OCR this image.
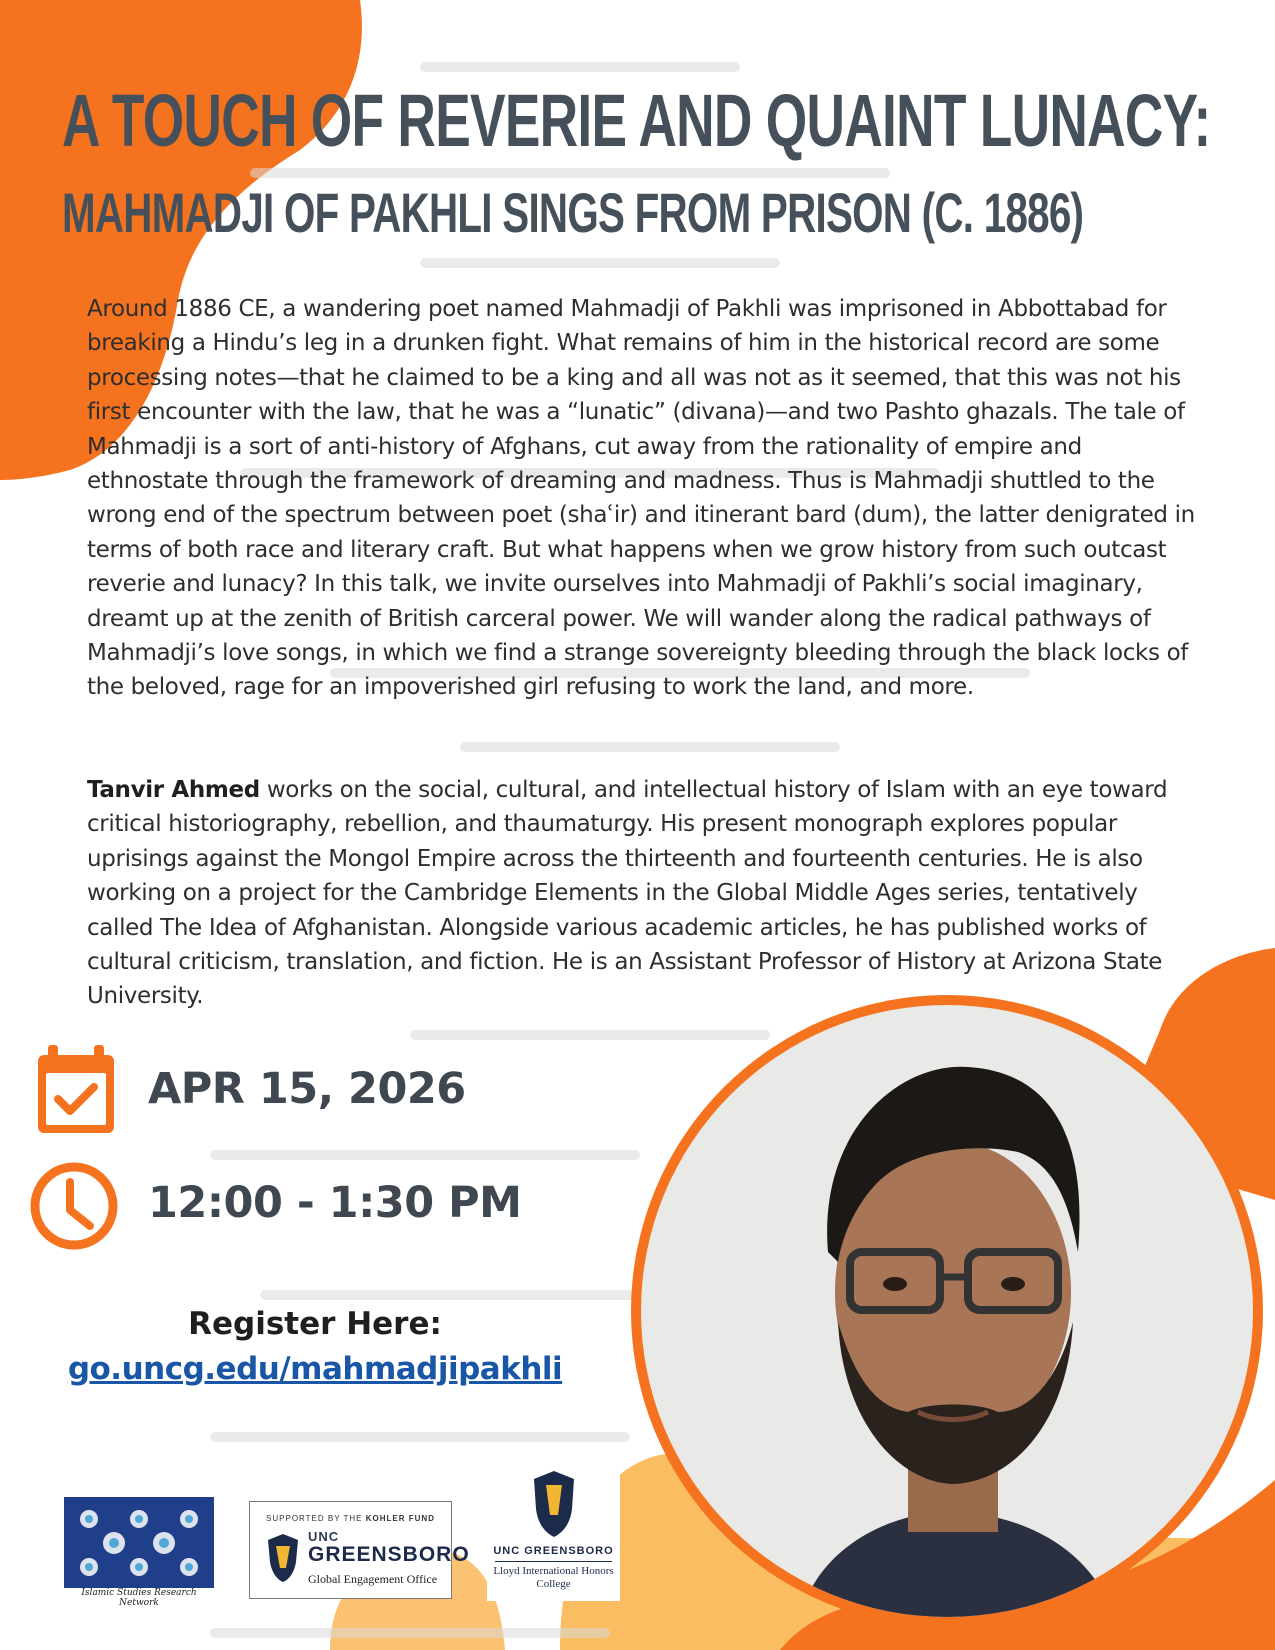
A TOUCH OF REVERIE AND QUAINT LUNACY:
MAHMADJI OF PAKHLI SINGS FROM PRISON (C. 1886)

Around 1886 CE, a wandering poet named Mahmadji of Pakhli was imprisoned in Abbottabad for breaking a Hindu’s leg in a drunken fight. What remains of him in the historical record are some processing notes—that he claimed to be a king and all was not as it seemed, that this was not his first encounter with the law, that he was a “lunatic” (divana)—and two Pashto ghazals. The tale of Mahmadji is a sort of anti-history of Afghans, cut away from the rationality of empire and ethnostate through the framework of dreaming and madness. Thus is Mahmadji shuttled to the wrong end of the spectrum between poet (shaʿir) and itinerant bard (dum), the latter denigrated in terms of both race and literary craft. But what happens when we grow history from such outcast reverie and lunacy? In this talk, we invite ourselves into Mahmadji of Pakhli’s social imaginary, dreamt up at the zenith of British carceral power. We will wander along the radical pathways of Mahmadji’s love songs, in which we find a strange sovereignty bleeding through the black locks of the beloved, rage for an impoverished girl refusing to work the land, and more.

Tanvir Ahmed works on the social, cultural, and intellectual history of Islam with an eye toward critical historiography, rebellion, and thaumaturgy. His present monograph explores popular uprisings against the Mongol Empire across the thirteenth and fourteenth centuries. He is also working on a project for the Cambridge Elements in the Global Middle Ages series, tentatively called The Idea of Afghanistan. Alongside various academic articles, he has published works of cultural criticism, translation, and fiction. He is an Assistant Professor of History at Arizona State University.

APR 15, 2026
12:00 - 1:30 PM
Register Here:
go.uncg.edu/mahmadjipakhli
Islamic Studies Research Network
SUPPORTED BY THE KOHLER FUND
UNC
GREENSBORO
Global Engagement Office
UNC GREENSBORO
Lloyd International Honors College
